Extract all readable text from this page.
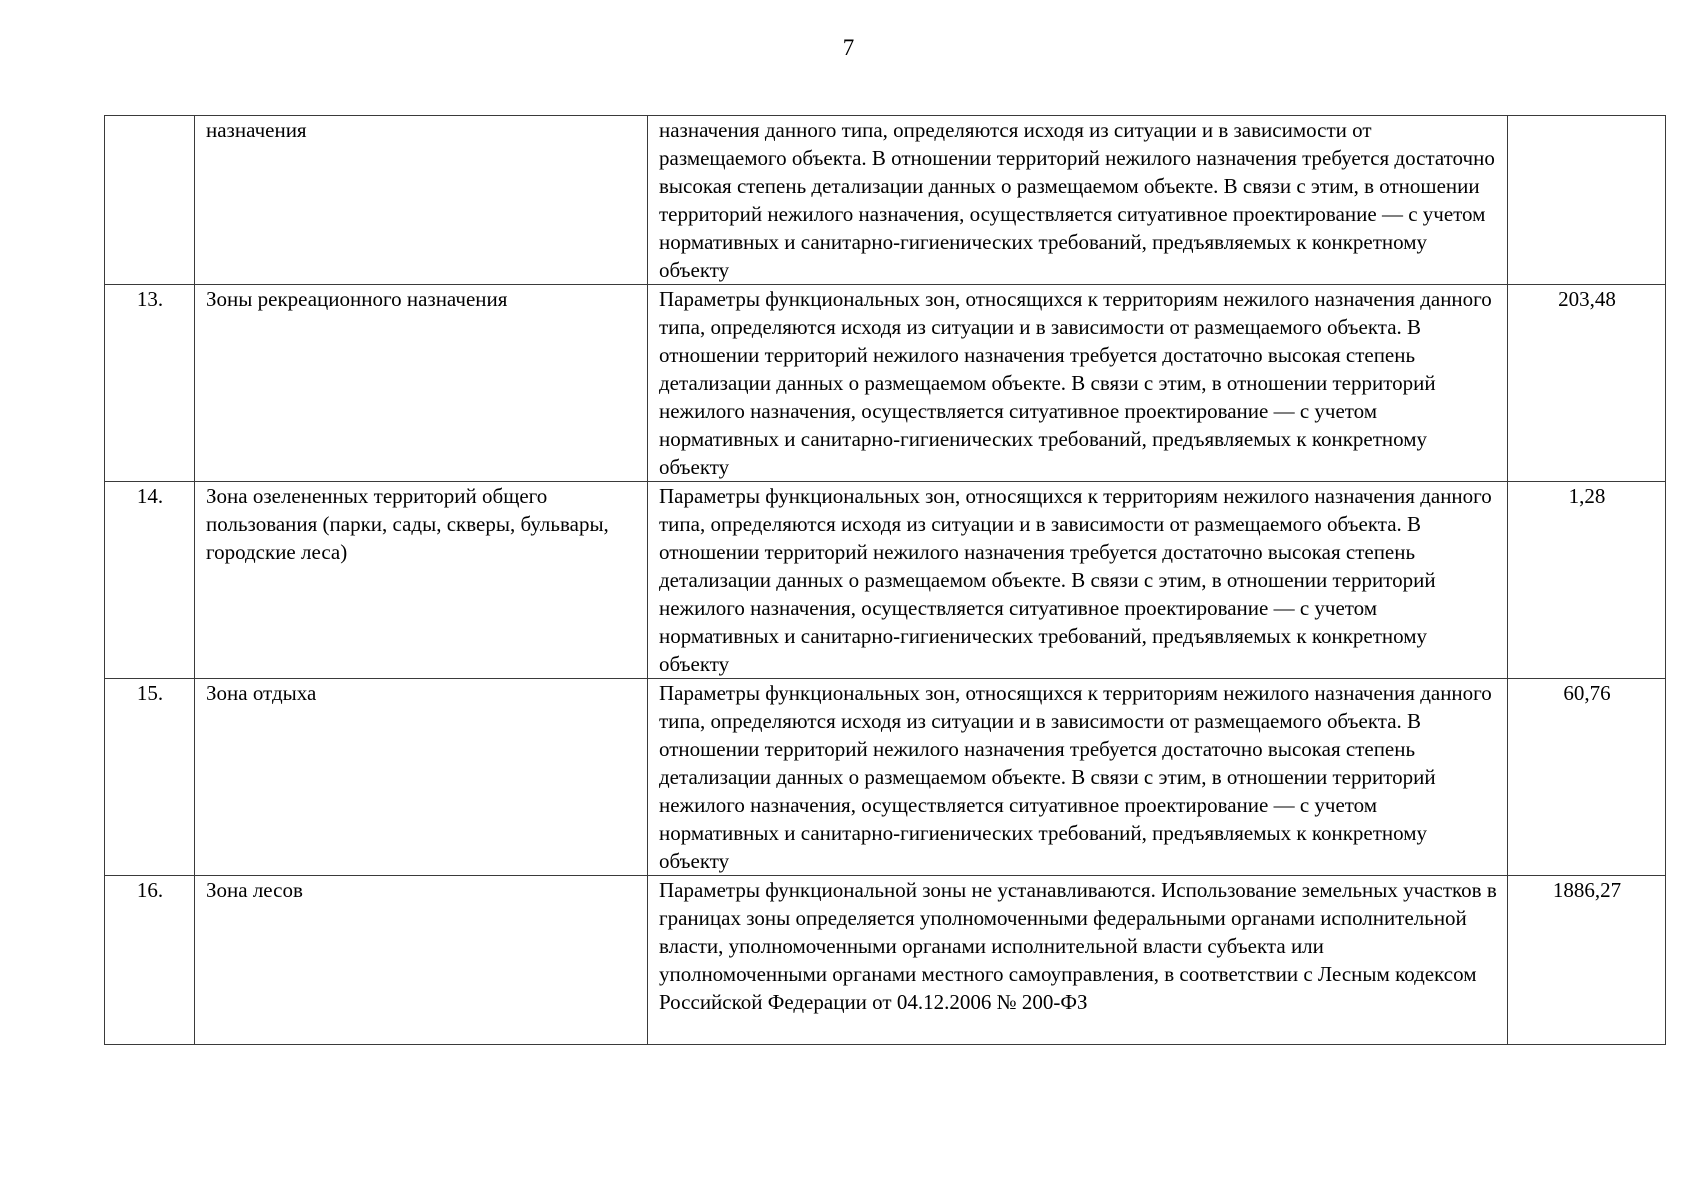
7
	назначения	назначения данного типа, определяются исходя из ситуации и в зависимости от размещаемого объекта. В отношении территорий нежилого назначения требуется достаточно высокая степень детализации данных о размещаемом объекте. В связи с этим, в отношении территорий нежилого назначения, осуществляется ситуативное проектирование — с учетом нормативных и санитарно-гигиенических требований, предъявляемых к конкретному объекту	
13.	Зоны рекреационного назначения	Параметры функциональных зон, относящихся к территориям нежилого назначения данного типа, определяются исходя из ситуации и в зависимости от размещаемого объекта. В отношении территорий нежилого назначения требуется достаточно высокая степень детализации данных о размещаемом объекте. В связи с этим, в отношении территорий нежилого назначения, осуществляется ситуативное проектирование — с учетом нормативных и санитарно-гигиенических требований, предъявляемых к конкретному объекту	203,48
14.	Зона озелененных территорий общего пользования (парки, сады, скверы, бульвары, городские леса)	Параметры функциональных зон, относящихся к территориям нежилого назначения данного типа, определяются исходя из ситуации и в зависимости от размещаемого объекта. В отношении территорий нежилого назначения требуется достаточно высокая степень детализации данных о размещаемом объекте. В связи с этим, в отношении территорий нежилого назначения, осуществляется ситуативное проектирование — с учетом нормативных и санитарно-гигиенических требований, предъявляемых к конкретному объекту	1,28
15.	Зона отдыха	Параметры функциональных зон, относящихся к территориям нежилого назначения данного типа, определяются исходя из ситуации и в зависимости от размещаемого объекта. В отношении территорий нежилого назначения требуется достаточно высокая степень детализации данных о размещаемом объекте. В связи с этим, в отношении территорий нежилого назначения, осуществляется ситуативное проектирование — с учетом нормативных и санитарно-гигиенических требований, предъявляемых к конкретному объекту	60,76
16.	Зона лесов	Параметры функциональной зоны не устанавливаются. Использование земельных участков в границах зоны определяется уполномоченными федеральными органами исполнительной власти, уполномоченными органами исполнительной власти субъекта или уполномоченными органами местного самоуправления, в соответствии с Лесным кодексом Российской Федерации от 04.12.2006 № 200-ФЗ	1886,27
